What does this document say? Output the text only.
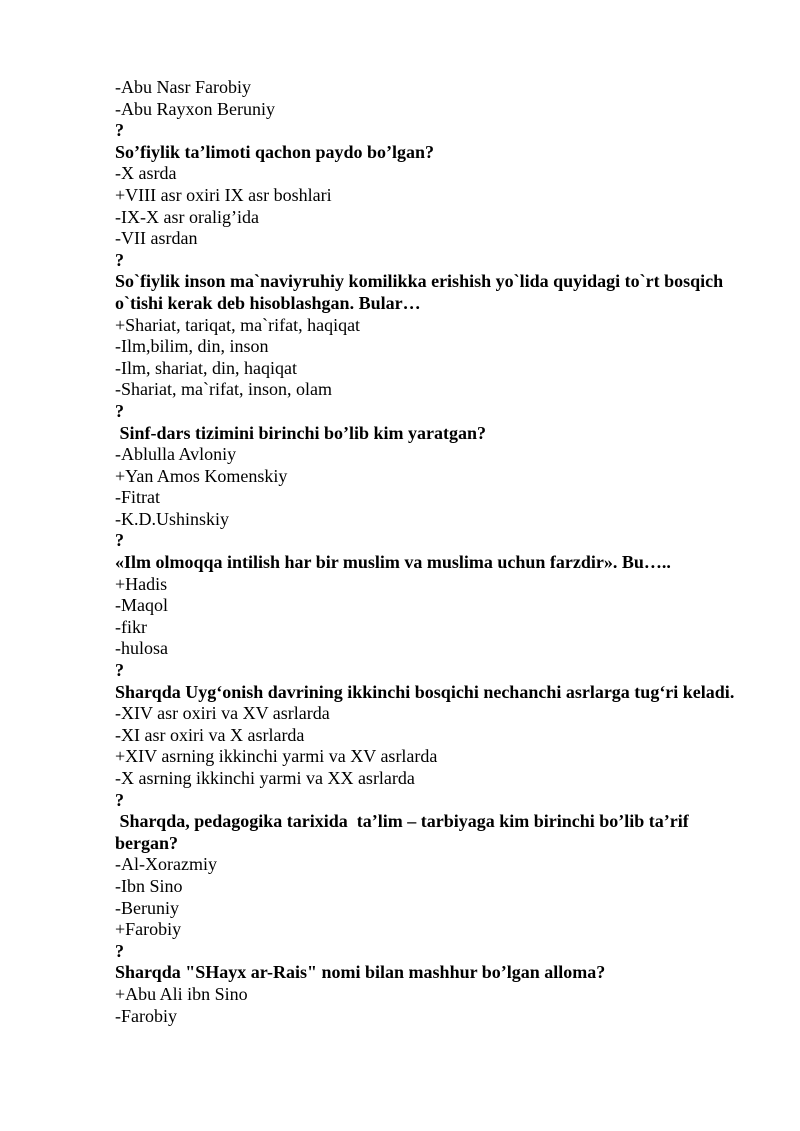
-Abu Nasr Farobiy
-Abu Rayxon Beruniy
?
So’fiylik ta’limoti qachon paydo bo’lgan?
-X asrda
+VIII asr oxiri IX asr boshlari
-IX-X asr oralig’ida
-VII asrdan
?
So`fiylik inson ma`naviyruhiy komilikka erishish yo`lida quyidagi to`rt bosqich o`tishi kerak deb hisoblashgan. Bular…
+Shariat, tariqat, ma`rifat, haqiqat
-Ilm,bilim, din, inson
-Ilm, shariat, din, haqiqat
-Shariat, ma`rifat, inson, olam
?
Sinf-dars tizimini birinchi bo’lib kim yaratgan?
-Ablulla Avloniy
+Yan Amos Komenskiy
-Fitrat
-K.D.Ushinskiy
?
«Ilm olmoqqa intilish har bir muslim va muslima uchun farzdir». Bu…..
+Hadis
-Maqol
-fikr
-hulosa
?
Sharqda Uyg‘onish davrining ikkinchi bosqichi nechanchi asrlarga tug‘ri keladi.
-XIV asr oxiri va XV asrlarda
-XI asr oxiri va X asrlarda
+XIV asrning ikkinchi yarmi va XV asrlarda
-X asrning ikkinchi yarmi va XX asrlarda
?
Sharqda, pedagogika tarixida  ta’lim – tarbiyaga kim birinchi bo’lib ta’rif bergan?
-Al-Xorazmiy
-Ibn Sino
-Beruniy
+Farobiy
?
Sharqda "SHayx ar-Rais" nomi bilan mashhur bo’lgan alloma?
+Abu Ali ibn Sino
-Farobiy
